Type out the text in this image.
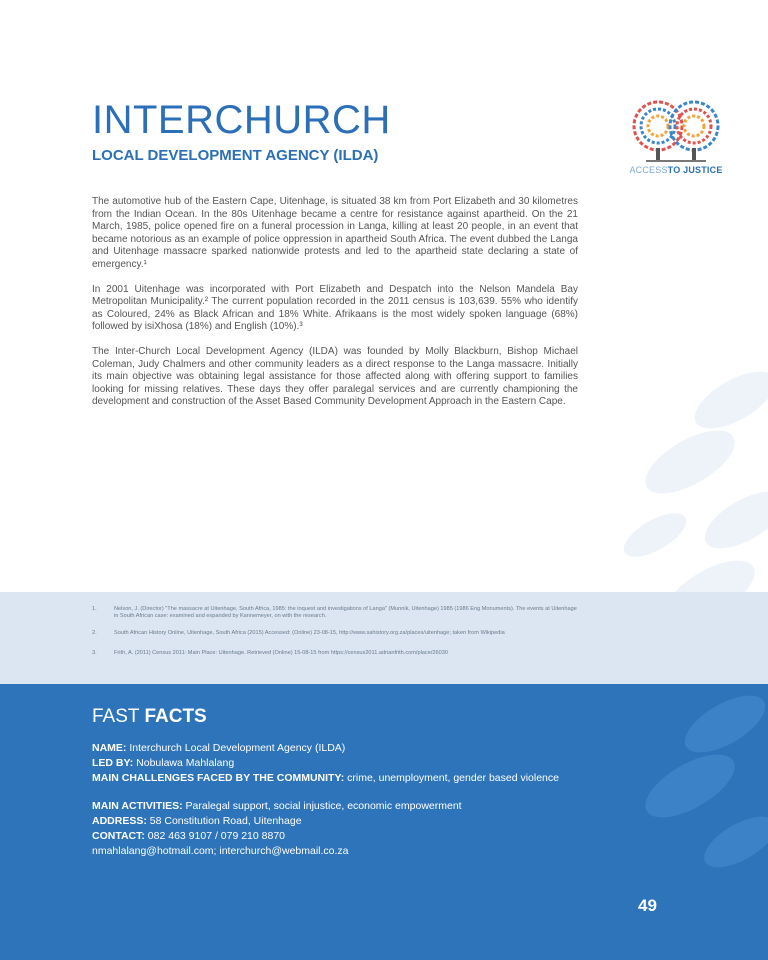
INTERCHURCH
LOCAL DEVELOPMENT AGENCY (ILDA)
ACCESSTO JUSTICE

The automotive hub of the Eastern Cape, Uitenhage, is situated 38 km from Port Elizabeth and 30 kilometres from the Indian Ocean. In the 80s Uitenhage became a centre for resistance against apartheid. On the 21 March, 1985, police opened fire on a funeral procession in Langa, killing at least 20 people, in an event that became notorious as an example of police oppression in apartheid South Africa. The event dubbed the Langa and Uitenhage massacre sparked nationwide protests and led to the apartheid state declaring a state of emergency.¹

In 2001 Uitenhage was incorporated with Port Elizabeth and Despatch into the Nelson Mandela Bay Metropolitan Municipality.² The current population recorded in the 2011 census is 103,639. 55% who identify as Coloured, 24% as Black African and 18% White. Afrikaans is the most widely spoken language (68%) followed by isiXhosa (18%) and English (10%).³

The Inter-Church Local Development Agency (ILDA) was founded by Molly Blackburn, Bishop Michael Coleman, Judy Chalmers and other community leaders as a direct response to the Langa massacre. Initially its main objective was obtaining legal assistance for those affected along with offering support to families looking for missing relatives. These days they offer paralegal services and are currently championing the development and construction of the Asset Based Community Development Approach in the Eastern Cape.

1.	Nelson, J. (Director) "The massacre at Uitenhage, South Africa, 1985: the inquest and investigations of Langa" (Munnik, Uitenhage) 1985 (1986 Eng Monuments). The events at Uitenhage in South African case: examined and expanded by Kannemeyer, on with the research.
2.	South African History Online, Uitenhage, South Africa (2015) Accessed: (Online) 23-08-15, http://www.sahistory.org.za/places/uitenhage; taken from Wikipedia
3.	Frith, A. (2011) Census 2011: Main Place: Uitenhage. Retrieved (Online) 15-08-15 from https://census2011.adrianfrith.com/place/26030
FAST FACTS
NAME: Interchurch Local Development Agency (ILDA)
LED BY: Nobulawa Mahlalang
MAIN CHALLENGES FACED BY THE COMMUNITY: crime, unemployment, gender based violence
MAIN ACTIVITIES: Paralegal support, social injustice, economic empowerment
ADDRESS: 58 Constitution Road, Uitenhage
CONTACT: 082 463 9107 / 079 210 8870
nmahlalang@hotmail.com; interchurch@webmail.co.za
49
